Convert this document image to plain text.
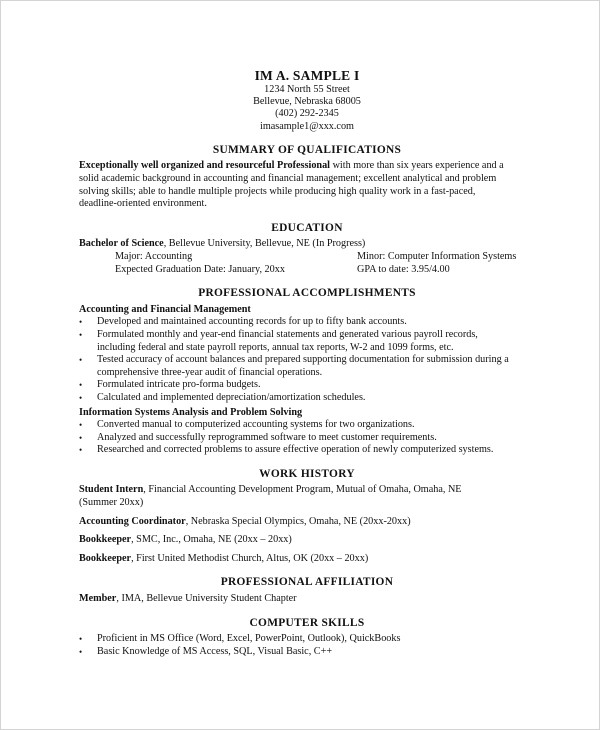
IM A. SAMPLE I
1234 North 55 Street
Bellevue, Nebraska 68005
(402) 292-2345
imasample1@xxx.com
SUMMARY OF QUALIFICATIONS
Exceptionally well organized and resourceful Professional with more than six years experience and a
solid academic background in accounting and financial management; excellent analytical and problem
solving skills; able to handle multiple projects while producing high quality work in a fast-paced,
deadline-oriented environment.
EDUCATION
Bachelor of Science, Bellevue University, Bellevue, NE (In Progress)
Major: Accounting	Minor: Computer Information Systems
Expected Graduation Date: January, 20xx	GPA to date: 3.95/4.00
PROFESSIONAL ACCOMPLISHMENTS
Accounting and Financial Management
•	Developed and maintained accounting records for up to fifty bank accounts.
•	Formulated monthly and year-end financial statements and generated various payroll records,
including federal and state payroll reports, annual tax reports, W-2 and 1099 forms, etc.
•	Tested accuracy of account balances and prepared supporting documentation for submission during a
comprehensive three-year audit of financial operations.
•	Formulated intricate pro-forma budgets.
•	Calculated and implemented depreciation/amortization schedules.
Information Systems Analysis and Problem Solving
•	Converted manual to computerized accounting systems for two organizations.
•	Analyzed and successfully reprogrammed software to meet customer requirements.
•	Researched and corrected problems to assure effective operation of newly computerized systems.
WORK HISTORY
Student Intern, Financial Accounting Development Program, Mutual of Omaha, Omaha, NE
(Summer 20xx)
Accounting Coordinator, Nebraska Special Olympics, Omaha, NE (20xx-20xx)
Bookkeeper, SMC, Inc., Omaha, NE (20xx – 20xx)
Bookkeeper, First United Methodist Church, Altus, OK (20xx – 20xx)
PROFESSIONAL AFFILIATION
Member, IMA, Bellevue University Student Chapter
COMPUTER SKILLS
•	Proficient in MS Office (Word, Excel, PowerPoint, Outlook), QuickBooks
•	Basic Knowledge of MS Access, SQL, Visual Basic, C++
